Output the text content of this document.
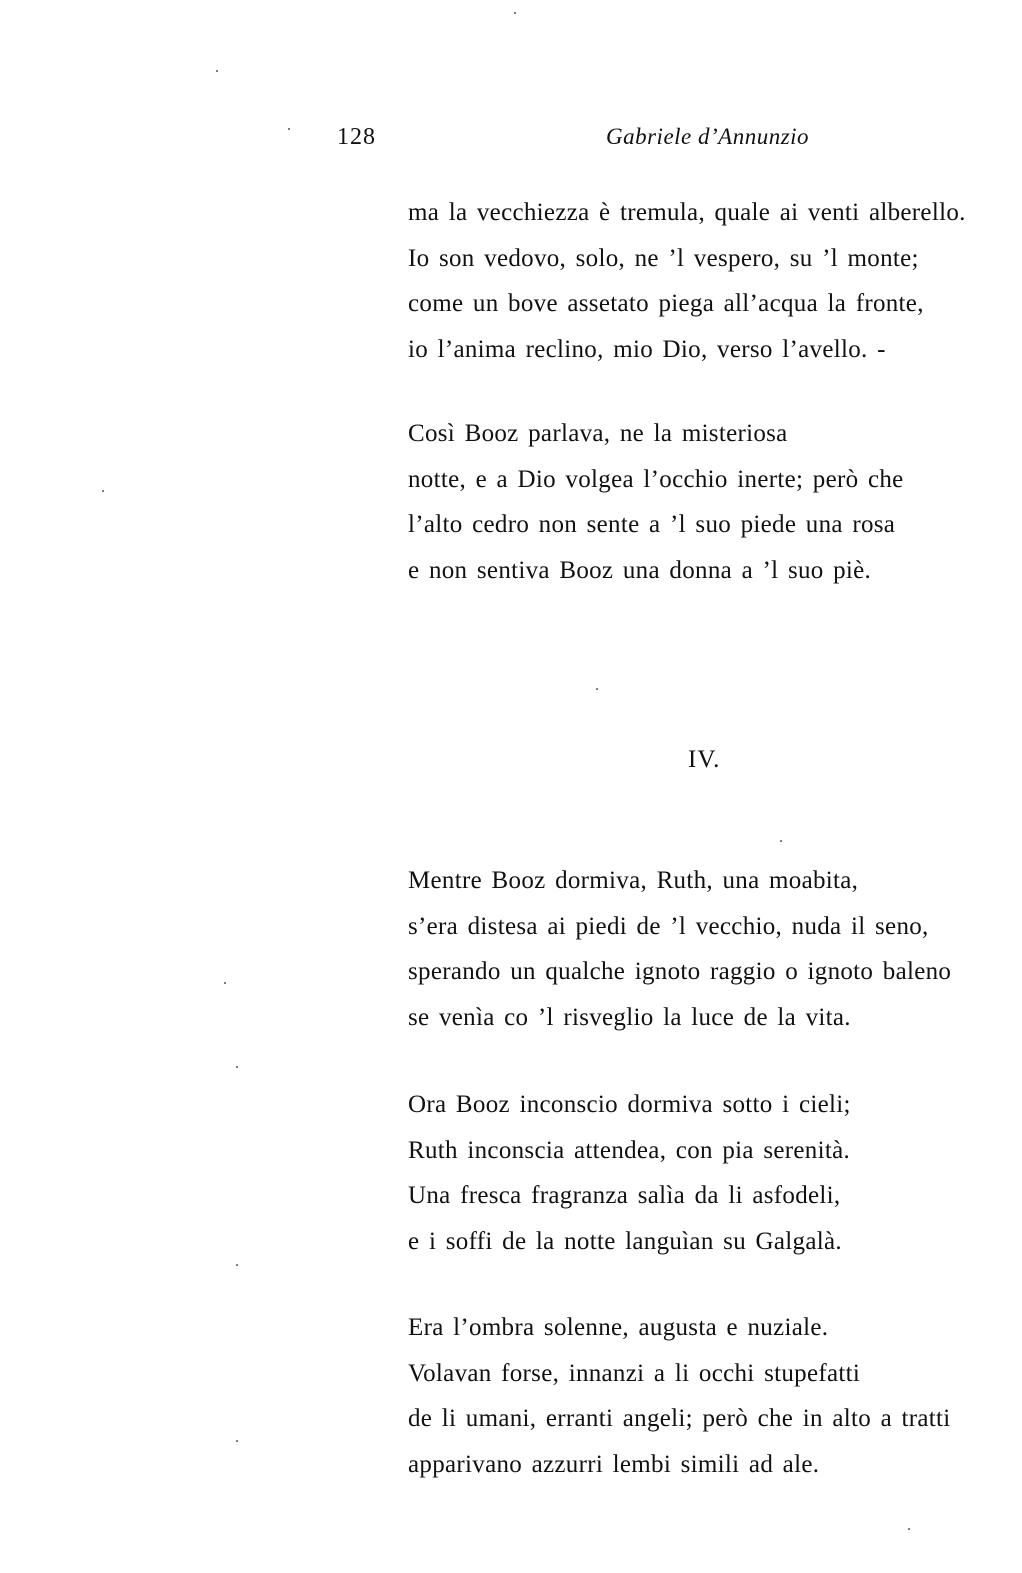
128	Gabriele d’Annunzio
ma la vecchiezza è tremula, quale ai venti alberello.
Io son vedovo, solo, ne ’l vespero, su ’l monte;
come un bove assetato piega all’acqua la fronte,
io l’anima reclino, mio Dio, verso l’avello. -
Così Booz parlava, ne la misteriosa
notte, e a Dio volgea l’occhio inerte; però che
l’alto cedro non sente a ’l suo piede una rosa
e non sentiva Booz una donna a ’l suo piè.
IV.
Mentre Booz dormiva, Ruth, una moabita,
s’era distesa ai piedi de ’l vecchio, nuda il seno,
sperando un qualche ignoto raggio o ignoto baleno
se venìa co ’l risveglio la luce de la vita.
Ora Booz inconscio dormiva sotto i cieli;
Ruth inconscia attendea, con pia serenità.
Una fresca fragranza salìa da li asfodeli,
e i soffi de la notte languìan su Galgalà.
Era l’ombra solenne, augusta e nuziale.
Volavan forse, innanzi a li occhi stupefatti
de li umani, erranti angeli; però che in alto a tratti
apparivano azzurri lembi simili ad ale.
